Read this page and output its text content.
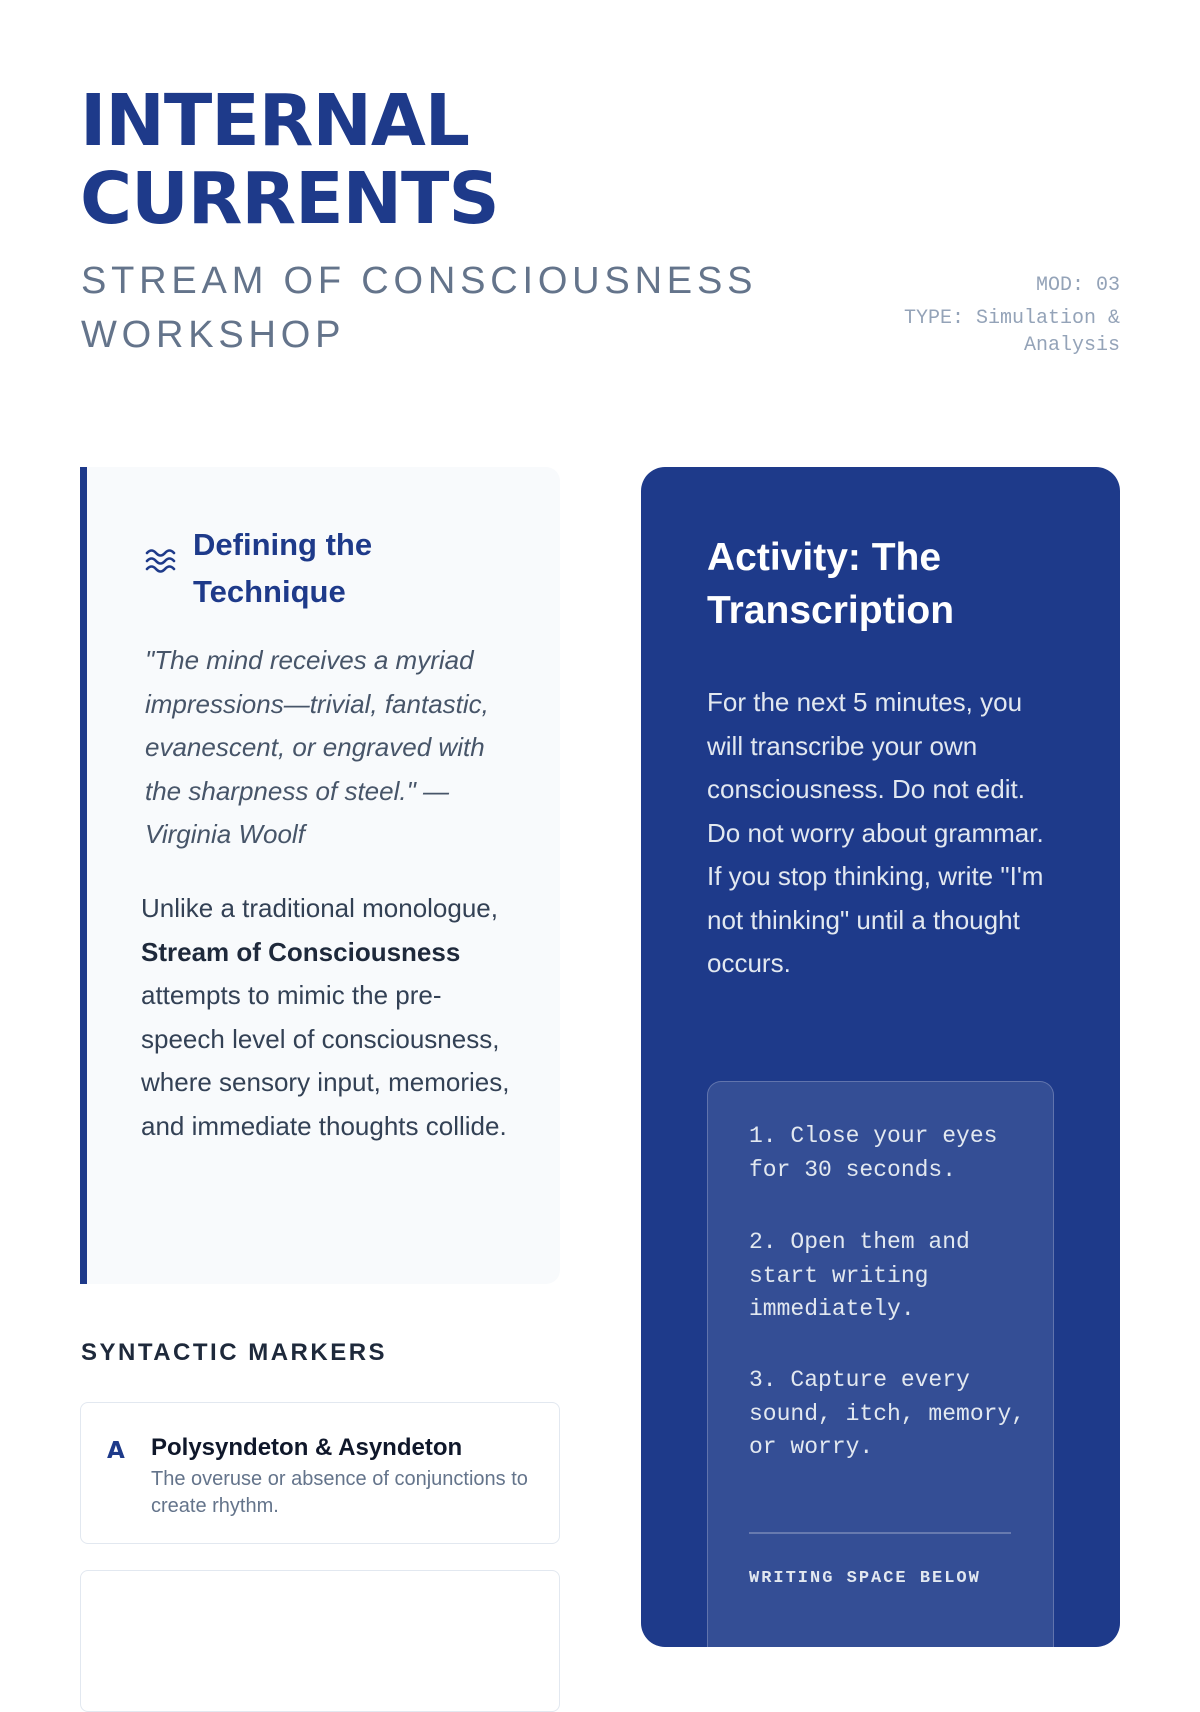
INTERNAL
CURRENTS
STREAM OF CONSCIOUSNESS WORKSHOP
MOD: 03
TYPE: Simulation & Analysis
Defining the Technique

"The mind receives a myriad impressions—trivial, fantastic, evanescent, or engraved with the sharpness of steel." — Virginia Woolf

Unlike a traditional monologue, Stream of Consciousness attempts to mimic the pre-speech level of consciousness, where sensory input, memories, and immediate thoughts collide.

SYNTACTIC MARKERS
A Polysyndeton & Asyndeton

The overuse or absence of conjunctions to create rhythm.

Activity: The Transcription

For the next 5 minutes, you will transcribe your own consciousness. Do not edit. Do not worry about grammar. If you stop thinking, write "I'm not thinking" until a thought occurs.

1. Close your eyes for 30 seconds.
2. Open them and start writing immediately.
3. Capture every sound, itch, memory, or worry.
WRITING SPACE BELOW
